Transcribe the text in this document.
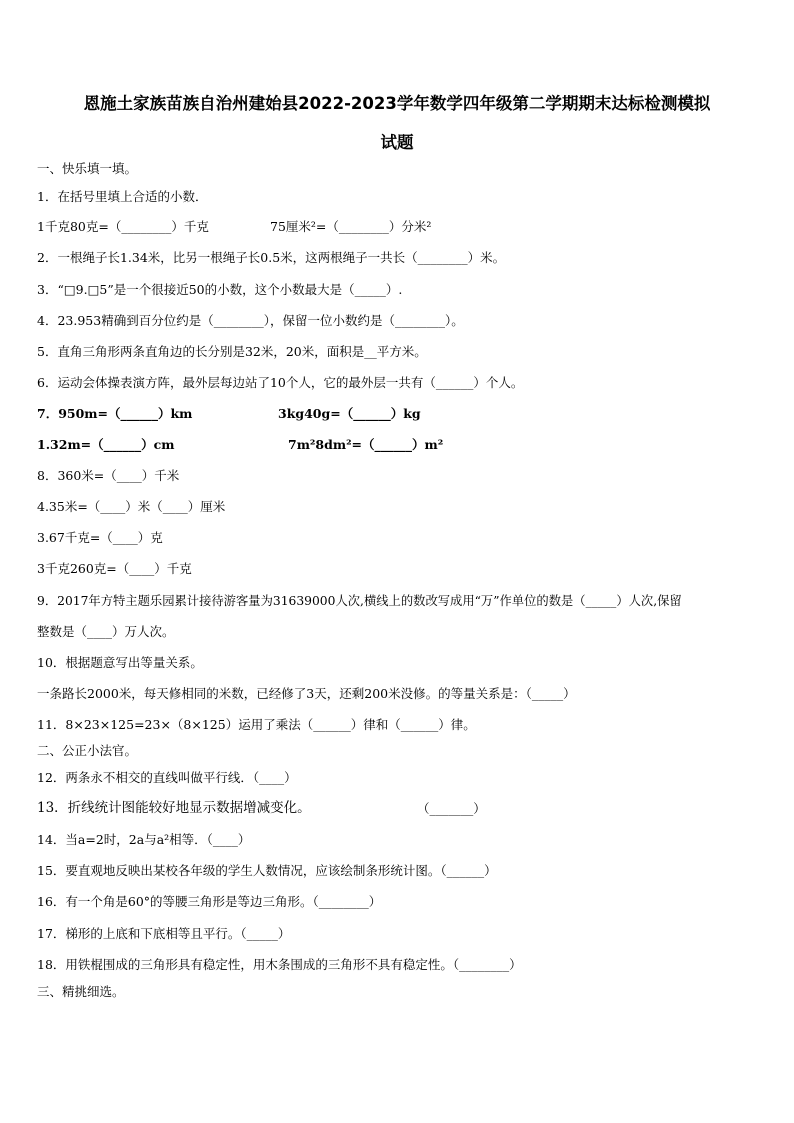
恩施土家族苗族自治州建始县2022-2023学年数学四年级第二学期期末达标检测模拟
试题
一、快乐填一填。
1．在括号里填上合适的小数．
1千克80克=（________）千克	75厘米²=（________）分米²
2．一根绳子长1.34米，比另一根绳子长0.5米，这两根绳子一共长（________）米。
3．“□9.□5”是一个很接近50的小数，这个小数最大是（_____）.
4．23.953精确到百分位约是（________），保留一位小数约是（________）。
5．直角三角形两条直角边的长分别是32米，20米，面积是__平方米。
6．运动会体操表演方阵，最外层每边站了10个人，它的最外层一共有（______）个人。
7．950m=（______）km	3kg40g=（______）kg
1.32m=（______）cm	7m²8dm²=（______）m²
8．360米=（____）千米
4.35米=（____）米（____）厘米
3.67千克=（____）克
3千克260克=（____）千克
9．2017年方特主题乐园累计接待游客量为31639000人次,横线上的数改写成用“万”作单位的数是（_____）人次,保留
整数是（____）万人次。
10．根据题意写出等量关系。
一条路长2000米，每天修相同的米数，已经修了3天，还剩200米没修。的等量关系是：（_____）
11．8×23×125=23×（8×125）运用了乘法（______）律和（______）律。
二、公正小法官。
12．两条永不相交的直线叫做平行线．（____）
13．折线统计图能较好地显示数据增减变化。	（_______）
14．当a=2时，2a与a²相等．（____）
15．要直观地反映出某校各年级的学生人数情况，应该绘制条形统计图。（______）
16．有一个角是60°的等腰三角形是等边三角形。（________）
17．梯形的上底和下底相等且平行。（_____）
18．用铁棍围成的三角形具有稳定性，用木条围成的三角形不具有稳定性。（________）
三、精挑细选。
